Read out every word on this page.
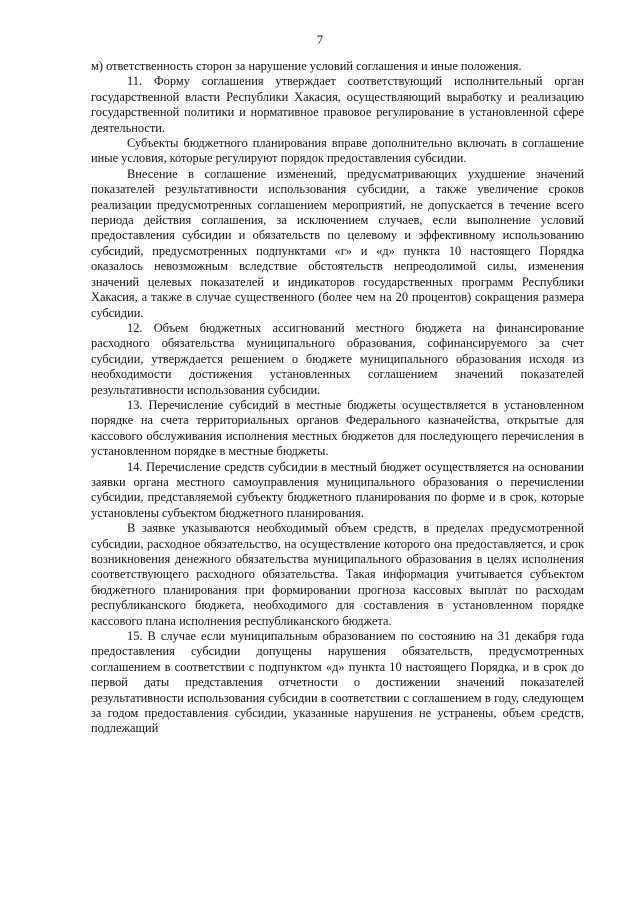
7

м) ответственность сторон за нарушение условий соглашения и иные положения.

11. Форму соглашения утверждает соответствующий исполнительный орган государственной власти Республики Хакасия, осуществляющий выработку и реализацию государственной политики и нормативное правовое регулирование в установленной сфере деятельности.

Субъекты бюджетного планирования вправе дополнительно включать в соглашение иные условия, которые регулируют порядок предоставления субсидии.

Внесение в соглашение изменений, предусматривающих ухудшение значений показателей результативности использования субсидии, а также увеличение сроков реализации предусмотренных соглашением мероприятий, не допускается в течение всего периода действия соглашения, за исключением случаев, если выполнение условий предоставления субсидии и обязательств по целевому и эффективному использованию субсидий, предусмотренных подпунктами «г» и «д» пункта 10 настоящего Порядка оказалось невозможным вследствие обстоятельств непреодолимой силы, изменения значений целевых показателей и индикаторов государственных программ Республики Хакасия, а также в случае существенного (более чем на 20 процентов) сокращения размера субсидии.

12. Объем бюджетных ассигнований местного бюджета на финансирование расходного обязательства муниципального образования, софинансируемого за счет субсидии, утверждается решением о бюджете муниципального образования исходя из необходимости достижения установленных соглашением значений показателей результативности использования субсидии.

13. Перечисление субсидий в местные бюджеты осуществляется в установленном порядке на счета территориальных органов Федерального казначейства, открытые для кассового обслуживания исполнения местных бюджетов для последующего перечисления в установленном порядке в местные бюджеты.

14. Перечисление средств субсидии в местный бюджет осуществляется на основании заявки органа местного самоуправления муниципального образования о перечислении субсидии, представляемой субъекту бюджетного планирования по форме и в срок, которые установлены субъектом бюджетного планирования.

В заявке указываются необходимый объем средств, в пределах предусмотренной субсидии, расходное обязательство, на осуществление которого она предоставляется, и срок возникновения денежного обязательства муниципального образования в целях исполнения соответствующего расходного обязательства. Такая информация учитывается субъектом бюджетного планирования при формировании прогноза кассовых выплат по расходам республиканского бюджета, необходимого для составления в установленном порядке кассового плана исполнения республиканского бюджета.

15. В случае если муниципальным образованием по состоянию на 31 декабря года предоставления субсидии допущены нарушения обязательств, предусмотренных соглашением в соответствии с подпунктом «д» пункта 10 настоящего Порядка, и в срок до первой даты представления отчетности о достижении значений показателей результативности использования субсидии в соответствии с соглашением в году, следующем за годом предоставления субсидии, указанные нарушения не устранены, объем средств, подлежащий
